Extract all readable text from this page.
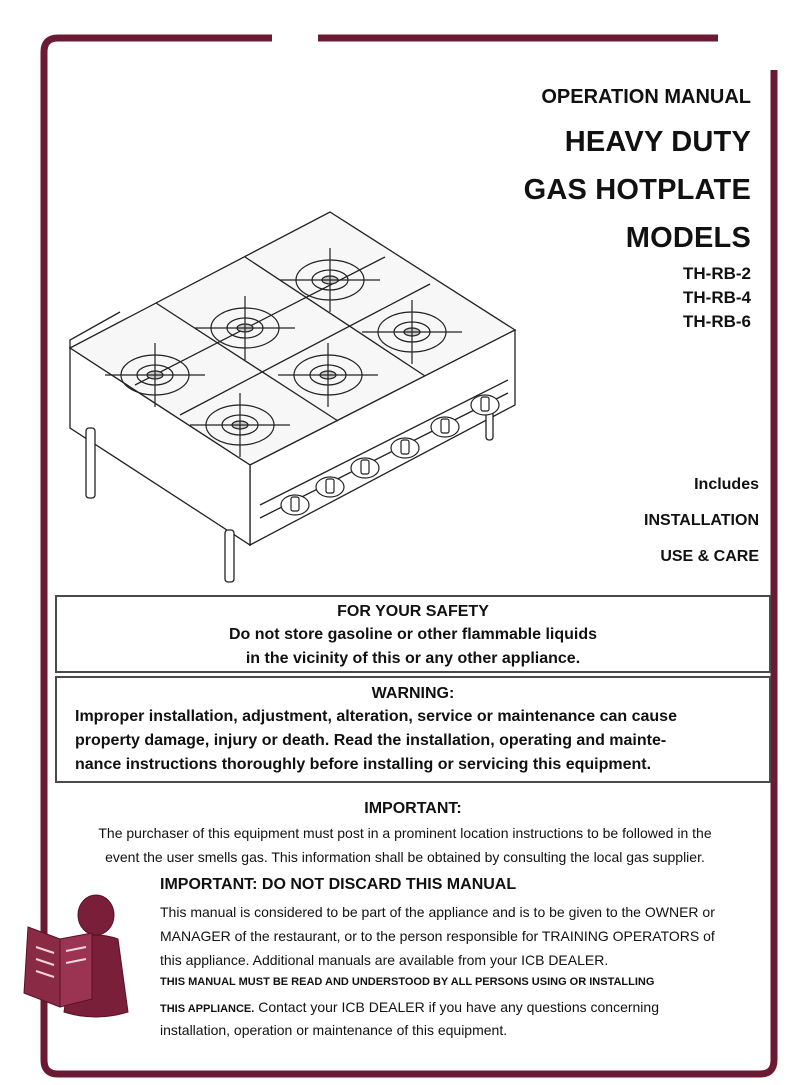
OPERATION MANUAL
HEAVY DUTY
GAS HOTPLATE
MODELS
TH-RB-2
TH-RB-4
TH-RB-6
Includes
INSTALLATION
USE & CARE
FOR YOUR SAFETY
Do not store gasoline or other flammable liquids
in the vicinity of this or any other appliance.
WARNING:
Improper installation, adjustment, alteration, service or maintenance can cause
property damage, injury or death. Read the installation, operating and mainte-
nance instructions thoroughly before installing or servicing this equipment.
IMPORTANT:
The purchaser of this equipment must post in a prominent location instructions to be followed in the
event the user smells gas. This information shall be obtained by consulting the local gas supplier.
IMPORTANT: DO NOT DISCARD THIS MANUAL
This manual is considered to be part of the appliance and is to be given to the OWNER or
MANAGER of the restaurant, or to the person responsible for TRAINING OPERATORS of
this appliance. Additional manuals are available from your ICB DEALER.
THIS MANUAL MUST BE READ AND UNDERSTOOD BY ALL PERSONS USING OR INSTALLING
THIS APPLIANCE. Contact your ICB DEALER if you have any questions concerning
installation, operation or maintenance of this equipment.
